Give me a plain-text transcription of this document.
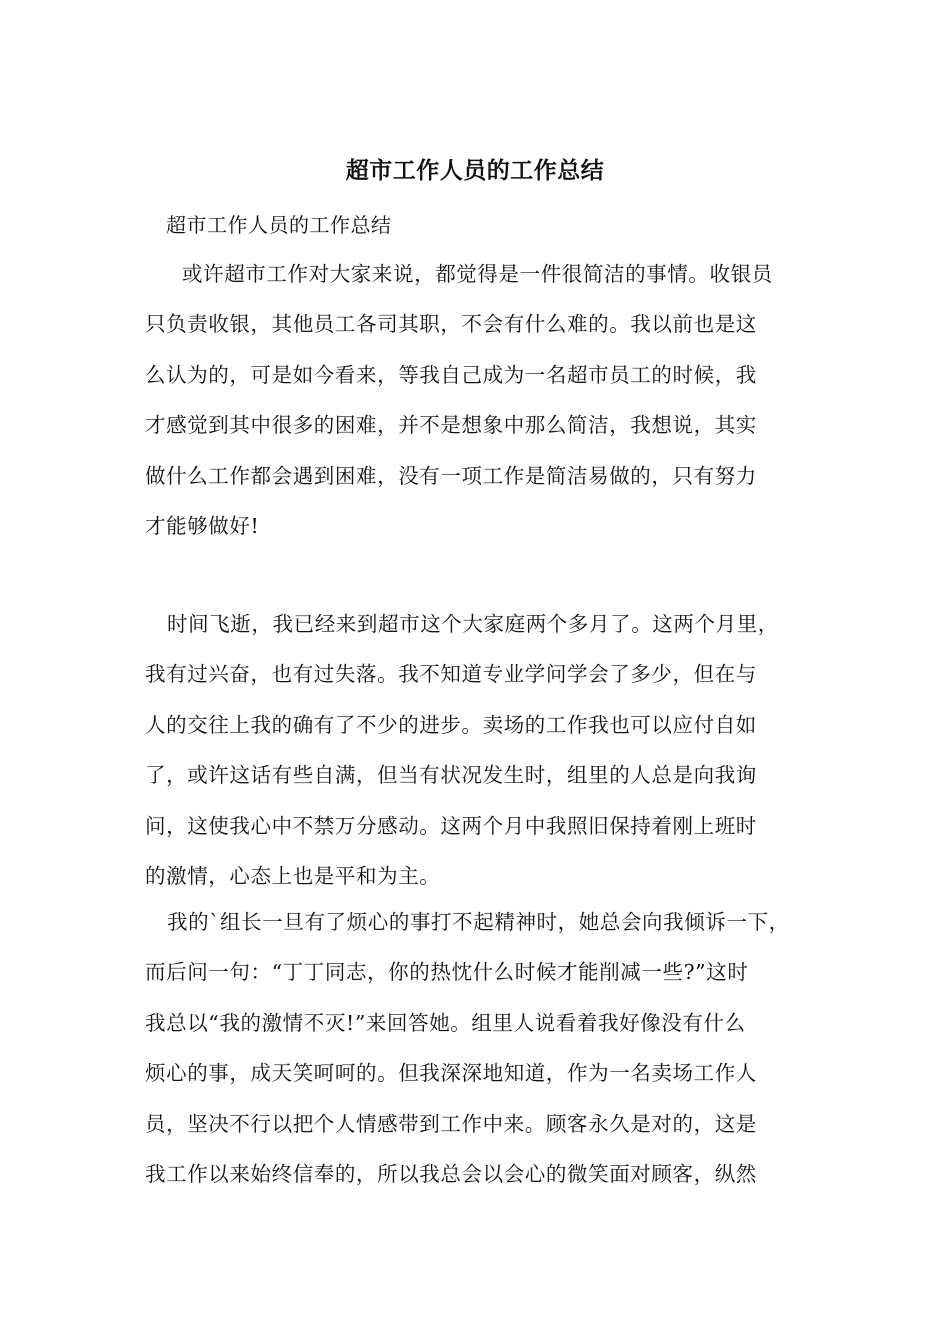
超市工作人员的工作总结
超市工作人员的工作总结
或许超市工作对大家来说，都觉得是一件很简洁的事情。收银员
只负责收银，其他员工各司其职，不会有什么难的。我以前也是这
么认为的，可是如今看来，等我自己成为一名超市员工的时候，我
才感觉到其中很多的困难，并不是想象中那么简洁，我想说，其实
做什么工作都会遇到困难，没有一项工作是简洁易做的，只有努力
才能够做好!
时间飞逝，我已经来到超市这个大家庭两个多月了。这两个月里，
我有过兴奋，也有过失落。我不知道专业学问学会了多少，但在与
人的交往上我的确有了不少的进步。卖场的工作我也可以应付自如
了，或许这话有些自满，但当有状况发生时，组里的人总是向我询
问，这使我心中不禁万分感动。这两个月中我照旧保持着刚上班时
的激情，心态上也是平和为主。
我的`组长一旦有了烦心的事打不起精神时，她总会向我倾诉一下，
而后问一句：“丁丁同志，你的热忱什么时候才能削减一些?”这时
我总以“我的激情不灭!”来回答她。组里人说看着我好像没有什么
烦心的事，成天笑呵呵的。但我深深地知道，作为一名卖场工作人
员，坚决不行以把个人情感带到工作中来。顾客永久是对的，这是
我工作以来始终信奉的，所以我总会以会心的微笑面对顾客，纵然
